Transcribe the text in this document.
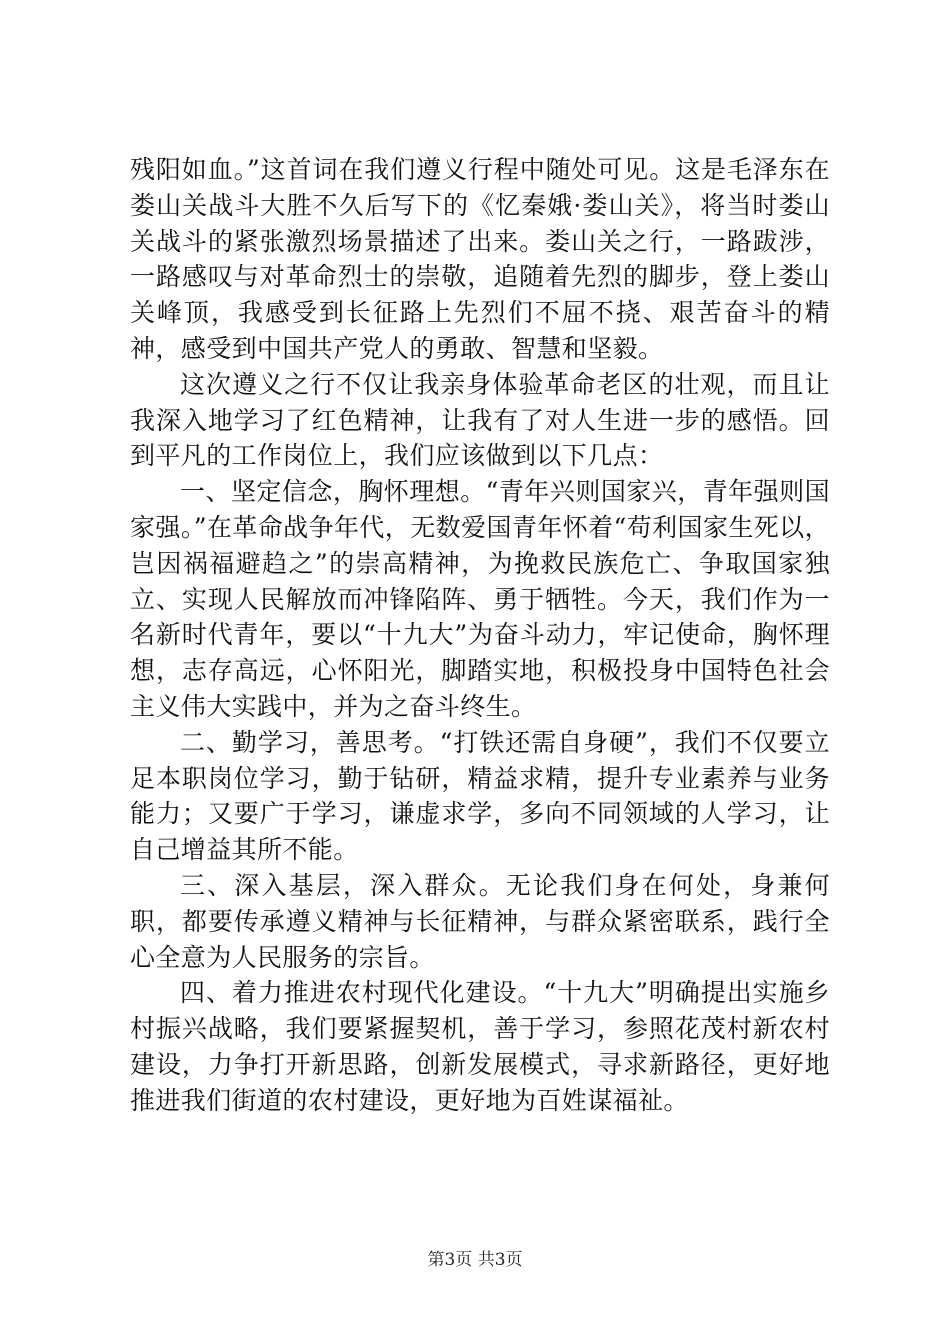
残阳如血。”这首词在我们遵义行程中随处可见。这是毛泽东在娄山关战斗大胜不久后写下的《忆秦娥·娄山关》，将当时娄山关战斗的紧张激烈场景描述了出来。娄山关之行，一路跋涉，一路感叹与对革命烈士的崇敬，追随着先烈的脚步，登上娄山关峰顶，我感受到长征路上先烈们不屈不挠、艰苦奋斗的精神，感受到中国共产党人的勇敢、智慧和坚毅。

这次遵义之行不仅让我亲身体验革命老区的壮观，而且让我深入地学习了红色精神，让我有了对人生进一步的感悟。回到平凡的工作岗位上，我们应该做到以下几点：

一、坚定信念，胸怀理想。“青年兴则国家兴，青年强则国家强。”在革命战争年代，无数爱国青年怀着“苟利国家生死以，岂因祸福避趋之”的崇高精神，为挽救民族危亡、争取国家独立、实现人民解放而冲锋陷阵、勇于牺牲。今天，我们作为一名新时代青年，要以“十九大”为奋斗动力，牢记使命，胸怀理想，志存高远，心怀阳光，脚踏实地，积极投身中国特色社会主义伟大实践中，并为之奋斗终生。

二、勤学习，善思考。“打铁还需自身硬”，我们不仅要立足本职岗位学习，勤于钻研，精益求精，提升专业素养与业务能力；又要广于学习，谦虚求学，多向不同领域的人学习，让自己增益其所不能。

三、深入基层，深入群众。无论我们身在何处，身兼何职，都要传承遵义精神与长征精神，与群众紧密联系，践行全心全意为人民服务的宗旨。

四、着力推进农村现代化建设。“十九大”明确提出实施乡村振兴战略，我们要紧握契机，善于学习，参照花茂村新农村建设，力争打开新思路，创新发展模式，寻求新路径，更好地推进我们街道的农村建设，更好地为百姓谋福祉。

第3页 共3页
